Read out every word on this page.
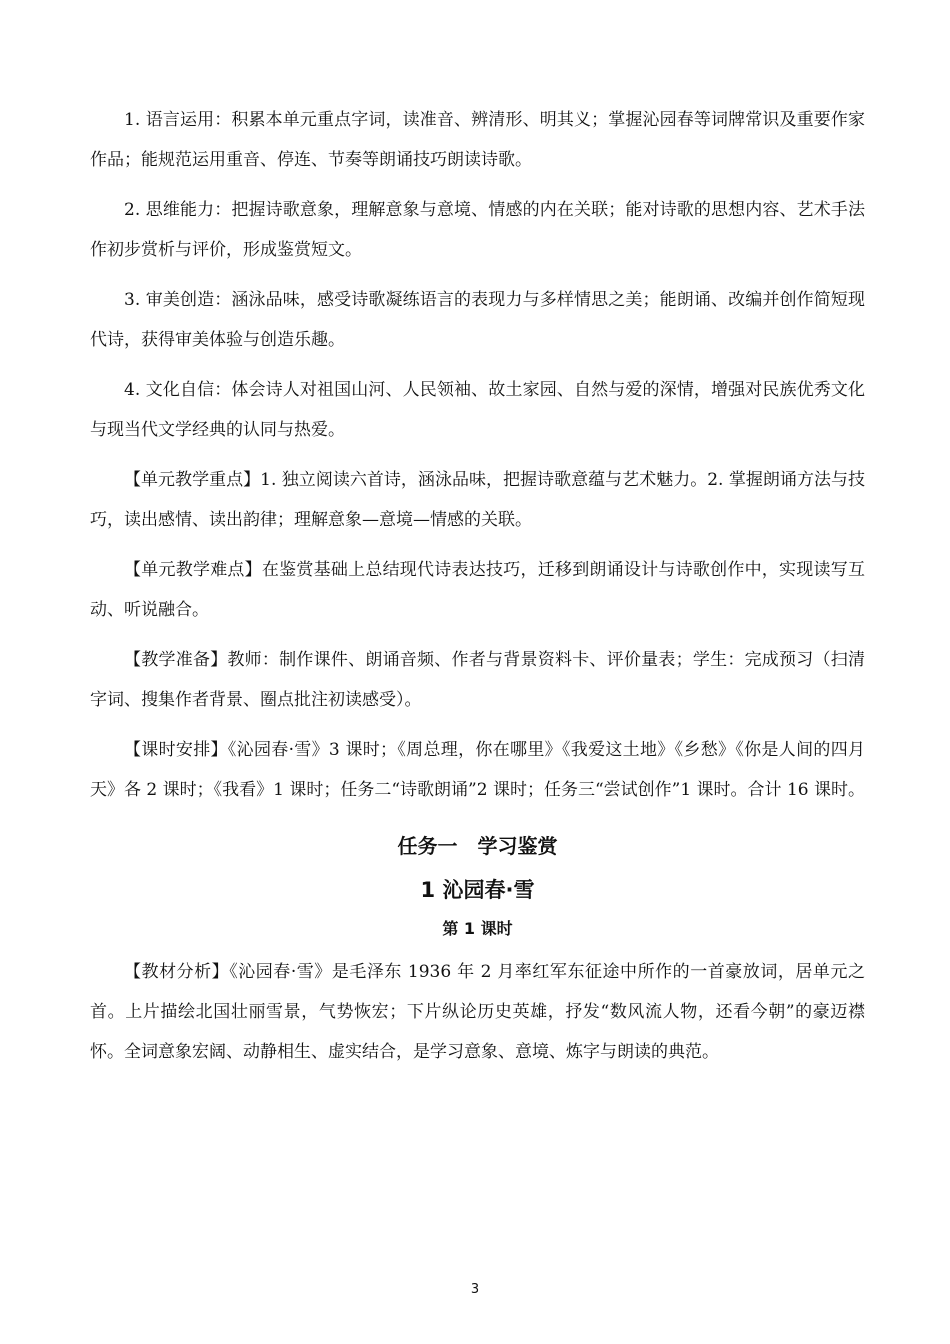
1. 语言运用：积累本单元重点字词，读准音、辨清形、明其义；掌握沁园春等词牌常识及重要作家作品；能规范运用重音、停连、节奏等朗诵技巧朗读诗歌。

2. 思维能力：把握诗歌意象，理解意象与意境、情感的内在关联；能对诗歌的思想内容、艺术手法作初步赏析与评价，形成鉴赏短文。

3. 审美创造：涵泳品味，感受诗歌凝练语言的表现力与多样情思之美；能朗诵、改编并创作简短现代诗，获得审美体验与创造乐趣。

4. 文化自信：体会诗人对祖国山河、人民领袖、故土家园、自然与爱的深情，增强对民族优秀文化与现当代文学经典的认同与热爱。

【单元教学重点】1. 独立阅读六首诗，涵泳品味，把握诗歌意蕴与艺术魅力。2. 掌握朗诵方法与技巧，读出感情、读出韵律；理解意象—意境—情感的关联。

【单元教学难点】在鉴赏基础上总结现代诗表达技巧，迁移到朗诵设计与诗歌创作中，实现读写互动、听说融合。

【教学准备】教师：制作课件、朗诵音频、作者与背景资料卡、评价量表；学生：完成预习（扫清字词、搜集作者背景、圈点批注初读感受）。

【课时安排】《沁园春·雪》3 课时；《周总理，你在哪里》《我爱这土地》《乡愁》《你是人间的四月天》各 2 课时；《我看》1 课时；任务二“诗歌朗诵”2 课时；任务三“尝试创作”1 课时。合计 16 课时。

任务一　学习鉴赏

1 沁园春·雪

第 1 课时

【教材分析】《沁园春·雪》是毛泽东 1936 年 2 月率红军东征途中所作的一首豪放词，居单元之首。上片描绘北国壮丽雪景，气势恢宏；下片纵论历史英雄，抒发“数风流人物，还看今朝”的豪迈襟怀。全词意象宏阔、动静相生、虚实结合，是学习意象、意境、炼字与朗读的典范。

3
